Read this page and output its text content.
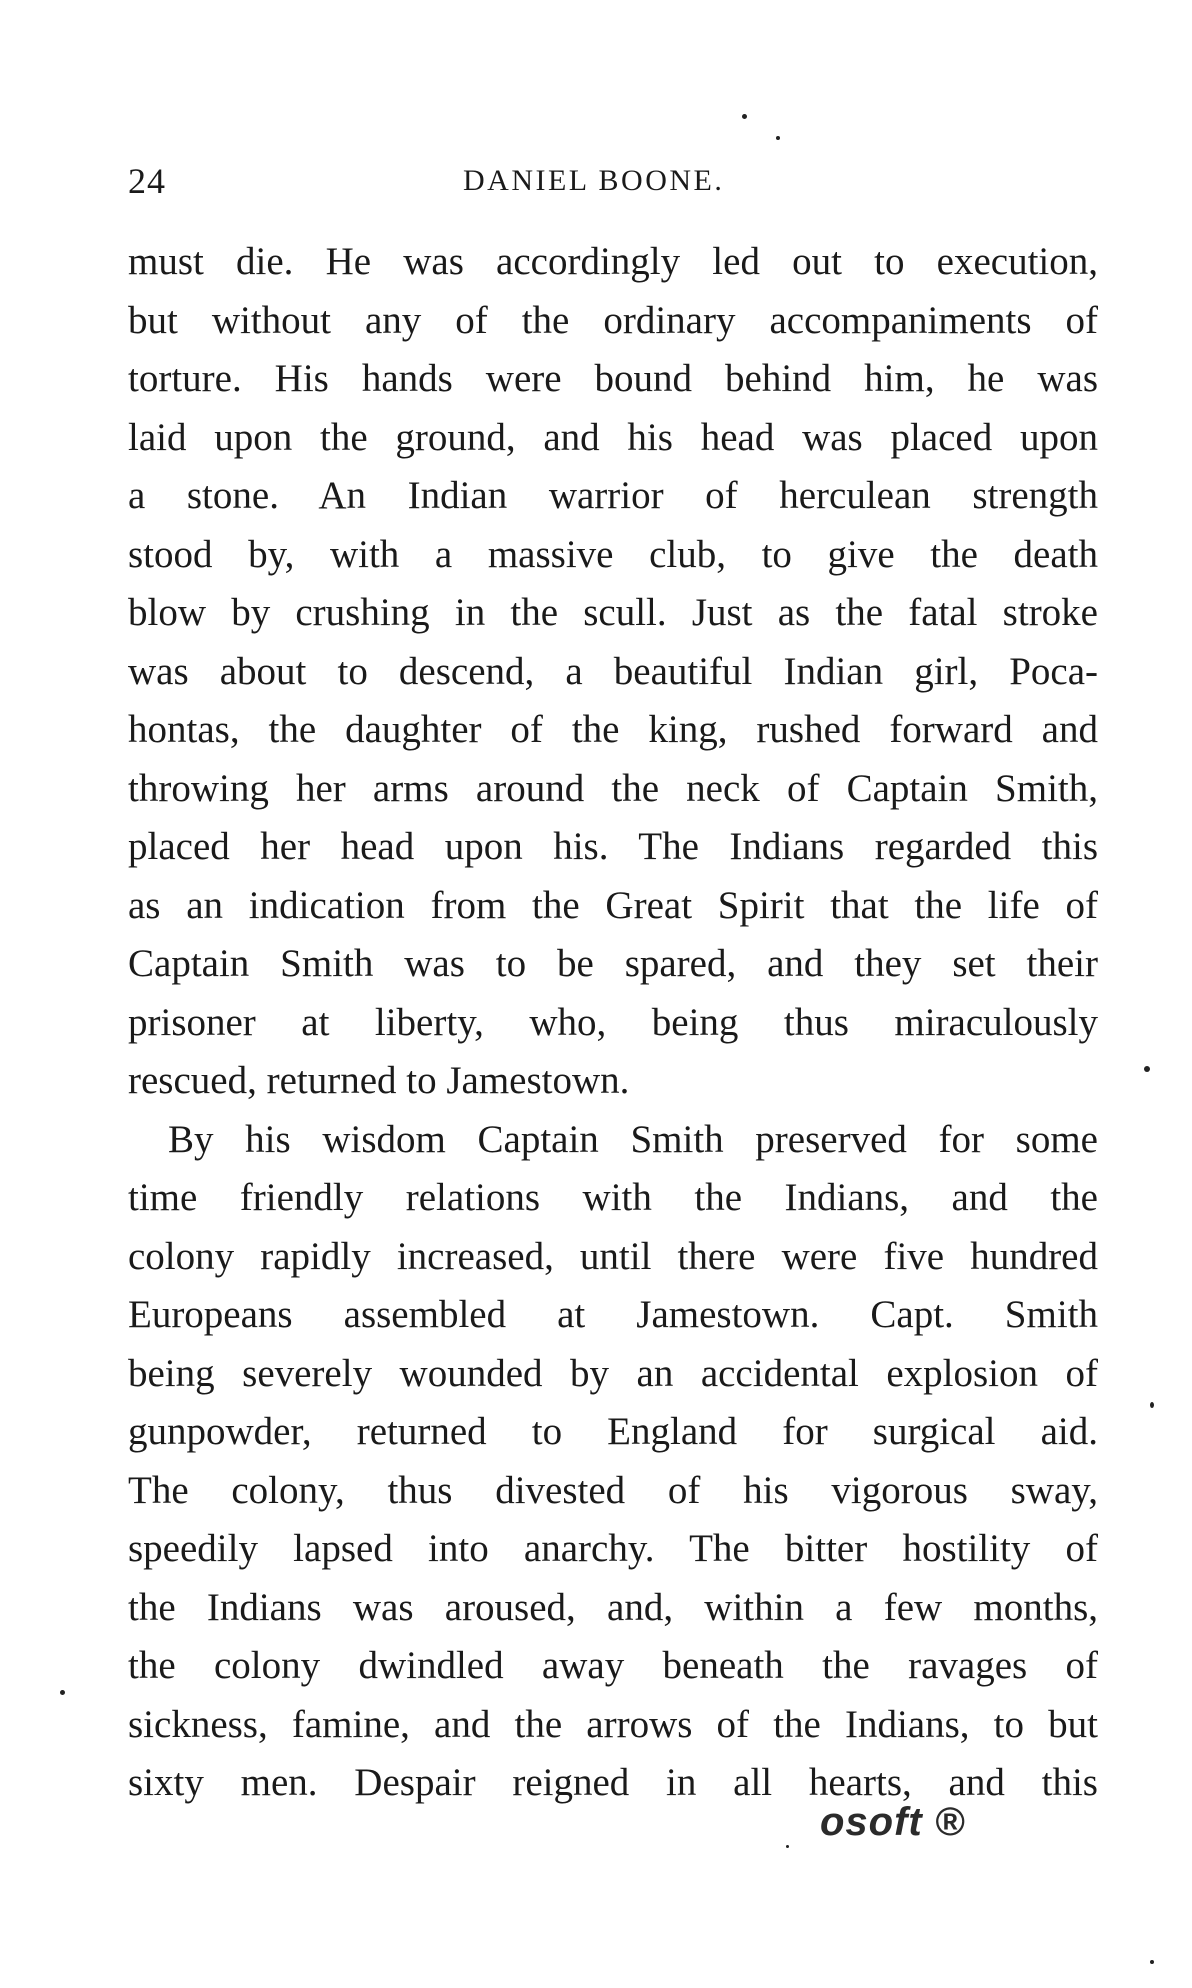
24	DANIEL BOONE.
must die. He was accordingly led out to execution,
but without any of the ordinary accompaniments of
torture. His hands were bound behind him, he was
laid upon the ground, and his head was placed upon
a stone. An Indian warrior of herculean strength
stood by, with a massive club, to give the death
blow by crushing in the scull. Just as the fatal stroke
was about to descend, a beautiful Indian girl, Poca-
hontas, the daughter of the king, rushed forward and
throwing her arms around the neck of Captain Smith,
placed her head upon his. The Indians regarded this
as an indication from the Great Spirit that the life of
Captain Smith was to be spared, and they set their
prisoner at liberty, who, being thus miraculously
rescued, returned to Jamestown.
By his wisdom Captain Smith preserved for some
time friendly relations with the Indians, and the
colony rapidly increased, until there were five hundred
Europeans assembled at Jamestown. Capt. Smith
being severely wounded by an accidental explosion of
gunpowder, returned to England for surgical aid.
The colony, thus divested of his vigorous sway,
speedily lapsed into anarchy. The bitter hostility of
the Indians was aroused, and, within a few months,
the colony dwindled away beneath the ravages of
sickness, famine, and the arrows of the Indians, to but
sixty men. Despair reigned in all hearts, and this
osoft ®
